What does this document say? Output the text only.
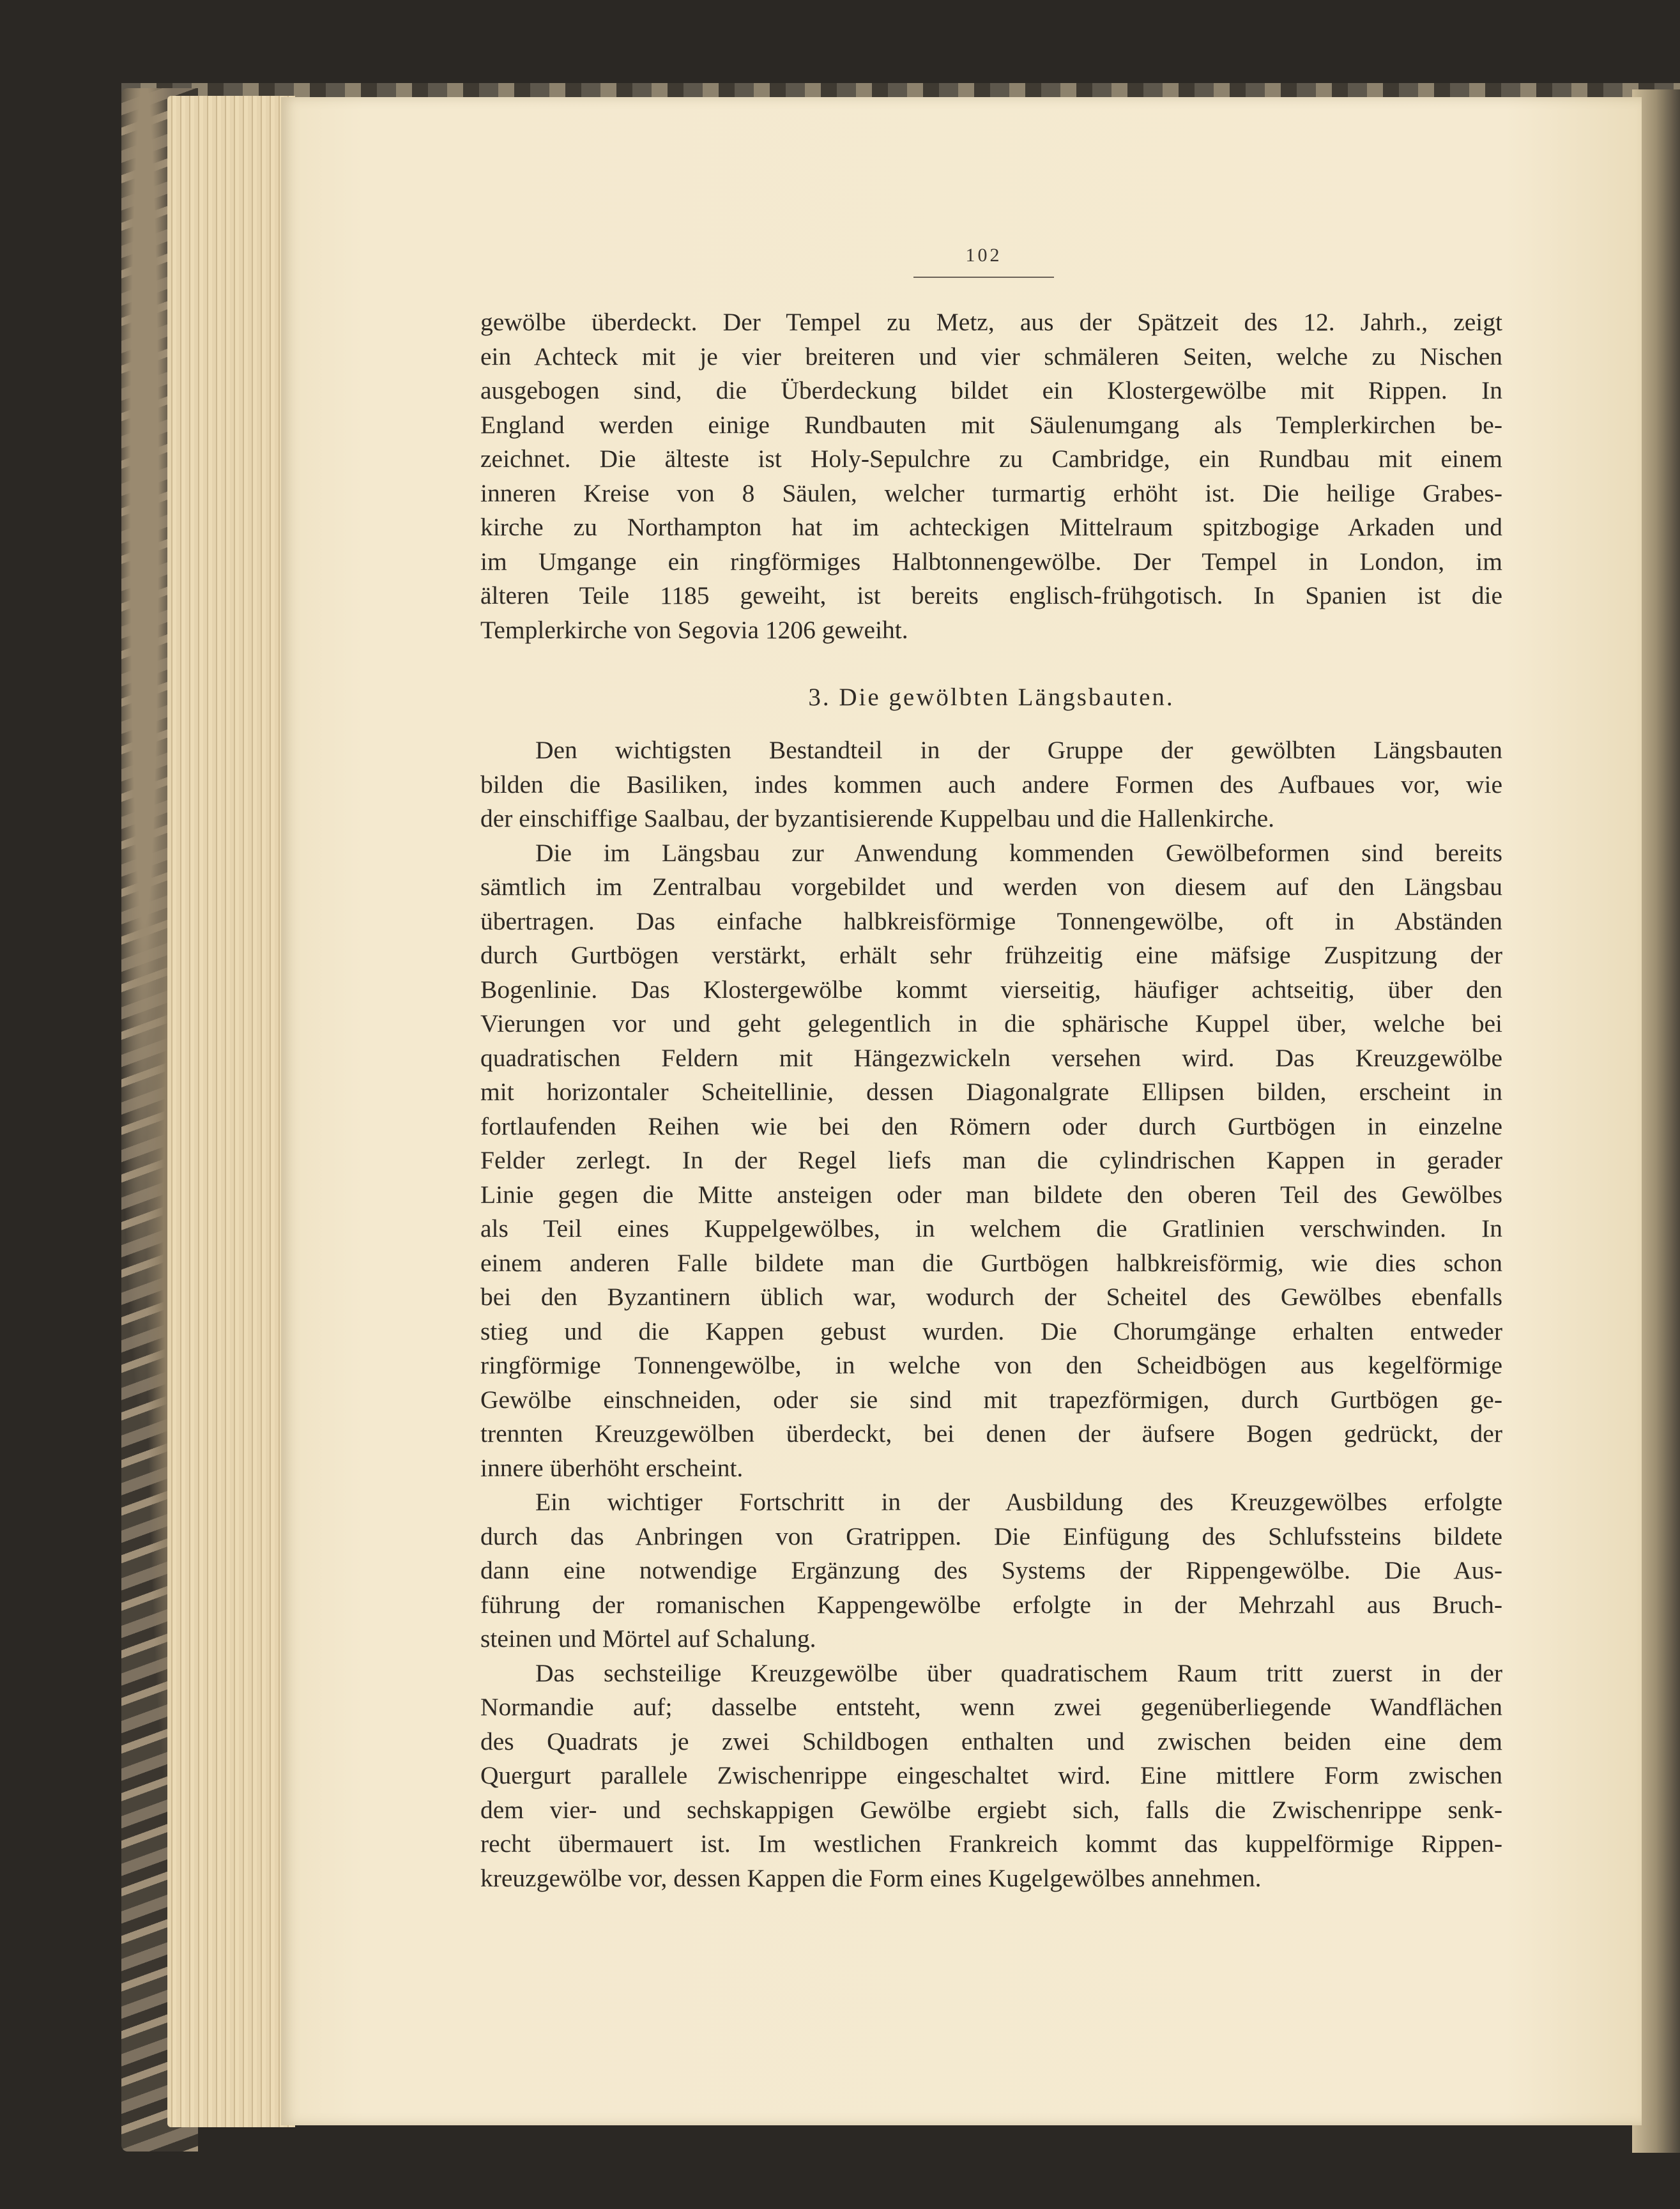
102

gewölbe überdeckt. Der Tempel zu Metz, aus der Spätzeit des 12. Jahrh., zeigt

ein Achteck mit je vier breiteren und vier schmäleren Seiten, welche zu Nischen

ausgebogen sind, die Überdeckung bildet ein Klostergewölbe mit Rippen. In

England werden einige Rundbauten mit Säulenumgang als Templerkirchen be-

zeichnet. Die älteste ist Holy-Sepulchre zu Cambridge, ein Rundbau mit einem

inneren Kreise von 8 Säulen, welcher turmartig erhöht ist. Die heilige Grabes-

kirche zu Northampton hat im achteckigen Mittelraum spitzbogige Arkaden und

im Umgange ein ringförmiges Halbtonnengewölbe. Der Tempel in London, im

älteren Teile 1185 geweiht, ist bereits englisch-frühgotisch. In Spanien ist die

Templerkirche von Segovia 1206 geweiht.

3. Die gewölbten Längsbauten.

Den wichtigsten Bestandteil in der Gruppe der gewölbten Längsbauten

bilden die Basiliken, indes kommen auch andere Formen des Aufbaues vor, wie

der einschiffige Saalbau, der byzantisierende Kuppelbau und die Hallenkirche.

Die im Längsbau zur Anwendung kommenden Gewölbeformen sind bereits

sämtlich im Zentralbau vorgebildet und werden von diesem auf den Längsbau

übertragen. Das einfache halbkreisförmige Tonnengewölbe, oft in Abständen

durch Gurtbögen verstärkt, erhält sehr frühzeitig eine mäfsige Zuspitzung der

Bogenlinie. Das Klostergewölbe kommt vierseitig, häufiger achtseitig, über den

Vierungen vor und geht gelegentlich in die sphärische Kuppel über, welche bei

quadratischen Feldern mit Hängezwickeln versehen wird. Das Kreuzgewölbe

mit horizontaler Scheitellinie, dessen Diagonalgrate Ellipsen bilden, erscheint in

fortlaufenden Reihen wie bei den Römern oder durch Gurtbögen in einzelne

Felder zerlegt. In der Regel liefs man die cylindrischen Kappen in gerader

Linie gegen die Mitte ansteigen oder man bildete den oberen Teil des Gewölbes

als Teil eines Kuppelgewölbes, in welchem die Gratlinien verschwinden. In

einem anderen Falle bildete man die Gurtbögen halbkreisförmig, wie dies schon

bei den Byzantinern üblich war, wodurch der Scheitel des Gewölbes ebenfalls

stieg und die Kappen gebust wurden. Die Chorumgänge erhalten entweder

ringförmige Tonnengewölbe, in welche von den Scheidbögen aus kegelförmige

Gewölbe einschneiden, oder sie sind mit trapezförmigen, durch Gurtbögen ge-

trennten Kreuzgewölben überdeckt, bei denen der äufsere Bogen gedrückt, der

innere überhöht erscheint.

Ein wichtiger Fortschritt in der Ausbildung des Kreuzgewölbes erfolgte

durch das Anbringen von Gratrippen. Die Einfügung des Schlufssteins bildete

dann eine notwendige Ergänzung des Systems der Rippengewölbe. Die Aus-

führung der romanischen Kappengewölbe erfolgte in der Mehrzahl aus Bruch-

steinen und Mörtel auf Schalung.

Das sechsteilige Kreuzgewölbe über quadratischem Raum tritt zuerst in der

Normandie auf; dasselbe entsteht, wenn zwei gegenüberliegende Wandflächen

des Quadrats je zwei Schildbogen enthalten und zwischen beiden eine dem

Quergurt parallele Zwischenrippe eingeschaltet wird. Eine mittlere Form zwischen

dem vier- und sechskappigen Gewölbe ergiebt sich, falls die Zwischenrippe senk-

recht übermauert ist. Im westlichen Frankreich kommt das kuppelförmige Rippen-

kreuzgewölbe vor, dessen Kappen die Form eines Kugelgewölbes annehmen.
